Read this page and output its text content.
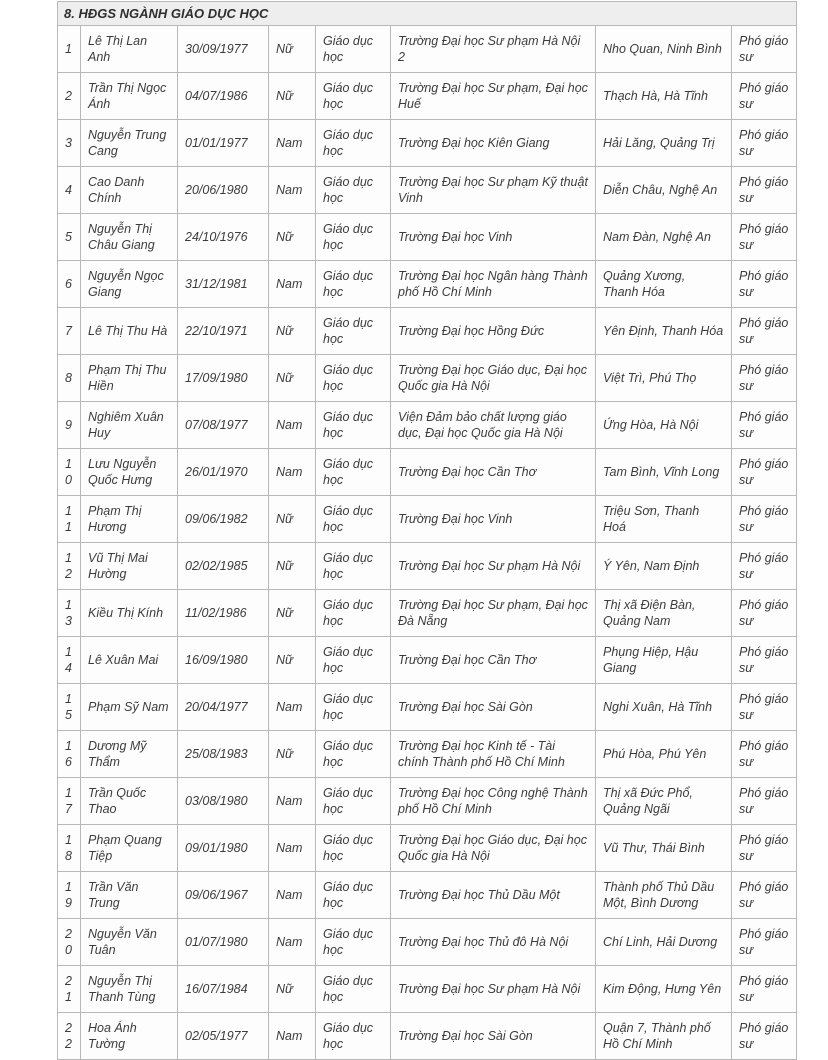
8. HĐGS NGÀNH GIÁO DỤC HỌC							
1	Lê Thị Lan Anh	30/09/1977	Nữ	Giáo dục học	Trường Đại học Sư phạm Hà Nội 2	Nho Quan, Ninh Bình	Phó giáo sư
2	Trần Thị Ngọc Ánh	04/07/1986	Nữ	Giáo dục học	Trường Đại học Sư phạm, Đại học Huế	Thạch Hà, Hà Tĩnh	Phó giáo sư
3	Nguyễn Trung Cang	01/01/1977	Nam	Giáo dục học	Trường Đại học Kiên Giang	Hải Lăng, Quảng Trị	Phó giáo sư
4	Cao Danh Chính	20/06/1980	Nam	Giáo dục học	Trường Đại học Sư phạm Kỹ thuật Vinh	Diễn Châu, Nghệ An	Phó giáo sư
5	Nguyễn Thị Châu Giang	24/10/1976	Nữ	Giáo dục học	Trường Đại học Vinh	Nam Đàn, Nghệ An	Phó giáo sư
6	Nguyễn Ngọc Giang	31/12/1981	Nam	Giáo dục học	Trường Đại học Ngân hàng Thành phố Hồ Chí Minh	Quảng Xương, Thanh Hóa	Phó giáo sư
7	Lê Thị Thu Hà	22/10/1971	Nữ	Giáo dục học	Trường Đại học Hồng Đức	Yên Định, Thanh Hóa	Phó giáo sư
8	Phạm Thị Thu Hiền	17/09/1980	Nữ	Giáo dục học	Trường Đại học Giáo dục, Đại học Quốc gia Hà Nội	Việt Trì, Phú Thọ	Phó giáo sư
9	Nghiêm Xuân Huy	07/08/1977	Nam	Giáo dục học	Viện Đảm bảo chất lượng giáo dục, Đại học Quốc gia Hà Nội	Ứng Hòa, Hà Nội	Phó giáo sư
10	Lưu Nguyễn Quốc Hưng	26/01/1970	Nam	Giáo dục học	Trường Đại học Cần Thơ	Tam Bình, Vĩnh Long	Phó giáo sư
11	Phạm Thị Hương	09/06/1982	Nữ	Giáo dục học	Trường Đại học Vinh	Triệu Sơn, Thanh Hoá	Phó giáo sư
12	Vũ Thị Mai Hường	02/02/1985	Nữ	Giáo dục học	Trường Đại học Sư phạm Hà Nội	Ý Yên, Nam Định	Phó giáo sư
13	Kiều Thị Kính	11/02/1986	Nữ	Giáo dục học	Trường Đại học Sư phạm, Đại học Đà Nẵng	Thị xã Điện Bàn, Quảng Nam	Phó giáo sư
14	Lê Xuân Mai	16/09/1980	Nữ	Giáo dục học	Trường Đại học Cần Thơ	Phụng Hiệp, Hậu Giang	Phó giáo sư
15	Phạm Sỹ Nam	20/04/1977	Nam	Giáo dục học	Trường Đại học Sài Gòn	Nghi Xuân, Hà Tĩnh	Phó giáo sư
16	Dương Mỹ Thẩm	25/08/1983	Nữ	Giáo dục học	Trường Đại học Kinh tế - Tài chính Thành phố Hồ Chí Minh	Phú Hòa, Phú Yên	Phó giáo sư
17	Trần Quốc Thao	03/08/1980	Nam	Giáo dục học	Trường Đại học Công nghệ Thành phố Hồ Chí Minh	Thị xã Đức Phổ, Quảng Ngãi	Phó giáo sư
18	Phạm Quang Tiệp	09/01/1980	Nam	Giáo dục học	Trường Đại học Giáo dục, Đại học Quốc gia Hà Nội	Vũ Thư, Thái Bình	Phó giáo sư
19	Trần Văn Trung	09/06/1967	Nam	Giáo dục học	Trường Đại học Thủ Dầu Một	Thành phố Thủ Dầu Một, Bình Dương	Phó giáo sư
20	Nguyễn Văn Tuân	01/07/1980	Nam	Giáo dục học	Trường Đại học Thủ đô Hà Nội	Chí Linh, Hải Dương	Phó giáo sư
21	Nguyễn Thị Thanh Tùng	16/07/1984	Nữ	Giáo dục học	Trường Đại học Sư phạm Hà Nội	Kim Động, Hưng Yên	Phó giáo sư
22	Hoa Ánh Tường	02/05/1977	Nam	Giáo dục học	Trường Đại học Sài Gòn	Quận 7, Thành phố Hồ Chí Minh	Phó giáo sư
